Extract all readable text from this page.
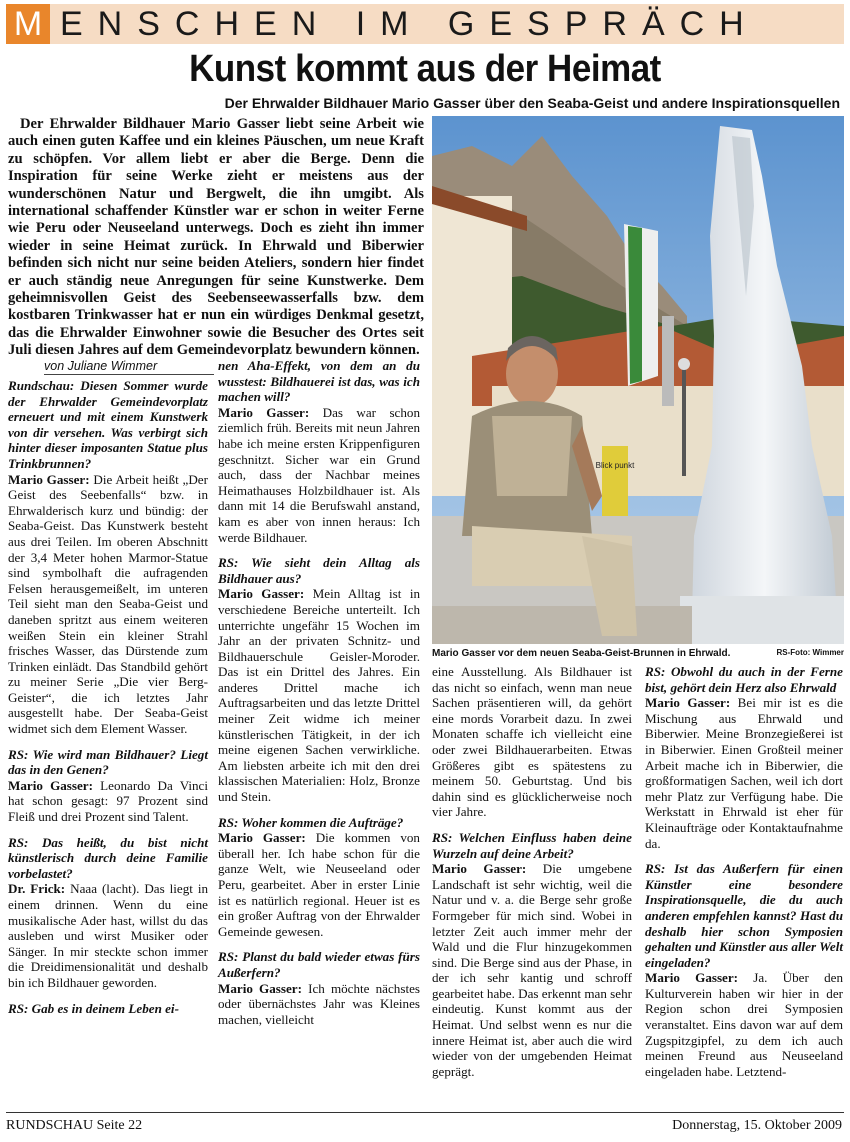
M ENSCHEN IM GESPRÄCH
Kunst kommt aus der Heimat
Der Ehrwalder Bildhauer Mario Gasser über den Seaba-Geist und andere Inspirationsquellen

Der Ehrwalder Bildhauer Mario Gasser liebt seine Arbeit wie auch einen guten Kaffee und ein kleines Päuschen, um neue Kraft zu schöpfen. Vor allem liebt er aber die Berge. Denn die Inspiration für seine Werke zieht er meistens aus der wunderschönen Natur und Bergwelt, die ihn umgibt. Als international schaffender Künstler war er schon in weiter Ferne wie Peru oder Neuseeland unterwegs. Doch es zieht ihn immer wieder in seine Heimat zurück. In Ehrwald und Biberwier befinden sich nicht nur seine beiden Ateliers, sondern hier findet er auch ständig neue Anregungen für seine Kunstwerke. Dem geheimnisvollen Geist des Seebenseewasserfalls bzw. dem kostbaren Trinkwasser hat er nun ein würdiges Denkmal gesetzt, das die Ehrwalder Einwohner sowie die Besucher des Ortes seit Juli diesen Jahres auf dem Gemeindevorplatz bewundern können.

von Juliane Wimmer

Rundschau: Diesen Sommer wurde der Ehrwalder Gemeindevorplatz erneuert und mit einem Kunstwerk von dir versehen. Was verbirgt sich hinter dieser imposanten Statue plus Trinkbrunnen?

Mario Gasser: Die Arbeit heißt „Der Geist des Seebenfalls“ bzw. in Ehrwalderisch kurz und bündig: der Seaba-Geist. Das Kunstwerk besteht aus drei Teilen. Im oberen Abschnitt der 3,4 Meter hohen Marmor-Statue sind symbolhaft die aufragenden Felsen herausgemeißelt, im unteren Teil sieht man den Seaba-Geist und daneben spritzt aus einem weiteren weißen Stein ein kleiner Strahl frisches Wasser, das Dürstende zum Trinken einlädt. Das Standbild gehört zu meiner Serie „Die vier Berg-Geister“, die ich letztes Jahr ausgestellt habe. Der Seaba-Geist widmet sich dem Element Wasser.

RS: Wie wird man Bildhauer? Liegt das in den Genen?

Mario Gasser: Leonardo Da Vinci hat schon gesagt: 97 Prozent sind Fleiß und drei Prozent sind Talent.

RS: Das heißt, du bist nicht künstlerisch durch deine Familie vorbelastet?

Dr. Frick: Naaa (lacht). Das liegt in einem drinnen. Wenn du eine musikalische Ader hast, willst du das ausleben und wirst Musiker oder Sänger. In mir steckte schon immer die Dreidimensionalität und deshalb bin ich Bildhauer geworden.

RS: Gab es in deinem Leben ei-

nen Aha-Effekt, von dem an du wusstest: Bildhauerei ist das, was ich machen will?

Mario Gasser: Das war schon ziemlich früh. Bereits mit neun Jahren habe ich meine ersten Krippenfiguren geschnitzt. Sicher war ein Grund auch, dass der Nachbar meines Heimathauses Holzbildhauer ist. Als dann mit 14 die Berufswahl anstand, kam es aber von innen heraus: Ich werde Bildhauer.

RS: Wie sieht dein Alltag als Bildhauer aus?

Mario Gasser: Mein Alltag ist in verschiedene Bereiche unterteilt. Ich unterrichte ungefähr 15 Wochen im Jahr an der privaten Schnitz- und Bildhauerschule Geisler-Moroder. Das ist ein Drittel des Jahres. Ein anderes Drittel mache ich Auftragsarbeiten und das letzte Drittel meiner Zeit widme ich meiner künstlerischen Tätigkeit, in der ich meine eigenen Sachen verwirkliche. Am liebsten arbeite ich mit den drei klassischen Materialien: Holz, Bronze und Stein.

RS: Woher kommen die Aufträge?

Mario Gasser: Die kommen von überall her. Ich habe schon für die ganze Welt, wie Neuseeland oder Peru, gearbeitet. Aber in erster Linie ist es natürlich regional. Heuer ist es ein großer Auftrag von der Ehrwalder Gemeinde gewesen.

RS: Planst du bald wieder etwas fürs Außerfern?

Mario Gasser: Ich möchte nächstes oder übernächstes Jahr was Kleines machen, vielleicht

Blick punkt
Mario Gasser vor dem neuen Seaba-Geist-Brunnen in Ehrwald.	RS-Foto: Wimmer

eine Ausstellung. Als Bildhauer ist das nicht so einfach, wenn man neue Sachen präsentieren will, da gehört eine mords Vorarbeit dazu. In zwei Monaten schaffe ich vielleicht eine oder zwei Bildhauerarbeiten. Etwas Größeres gibt es spätestens zu meinem 50. Geburtstag. Und bis dahin sind es glücklicherweise noch vier Jahre.

RS: Welchen Einfluss haben deine Wurzeln auf deine Arbeit?

Mario Gasser: Die umgebene Landschaft ist sehr wichtig, weil die Natur und v. a. die Berge sehr große Formgeber für mich sind. Wobei in letzter Zeit auch immer mehr der Wald und die Flur hinzugekommen sind. Die Berge sind aus der Phase, in der ich sehr kantig und schroff gearbeitet habe. Das erkennt man sehr eindeutig. Kunst kommt aus der Heimat. Und selbst wenn es nur die innere Heimat ist, aber auch die wird wieder von der umgebenden Heimat geprägt.

RS: Obwohl du auch in der Ferne bist, gehört dein Herz also Ehrwald

Mario Gasser: Bei mir ist es die Mischung aus Ehrwald und Biberwier. Meine Bronzegießerei ist in Biberwier. Einen Großteil meiner Arbeit mache ich in Biberwier, die großformatigen Sachen, weil ich dort mehr Platz zur Verfügung habe. Die Werkstatt in Ehrwald ist eher für Kleinaufträge oder Kontaktaufnahme da.

RS: Ist das Außerfern für einen Künstler eine besondere Inspirationsquelle, die du auch anderen empfehlen kannst? Hast du deshalb hier schon Symposien gehalten und Künstler aus aller Welt eingeladen?

Mario Gasser: Ja. Über den Kulturverein haben wir hier in der Region schon drei Symposien veranstaltet. Eins davon war auf dem Zugspitzgipfel, zu dem ich auch meinen Freund aus Neuseeland eingeladen habe. Letztend-

RUNDSCHAU Seite 22	Donnerstag, 15. Oktober 2009
